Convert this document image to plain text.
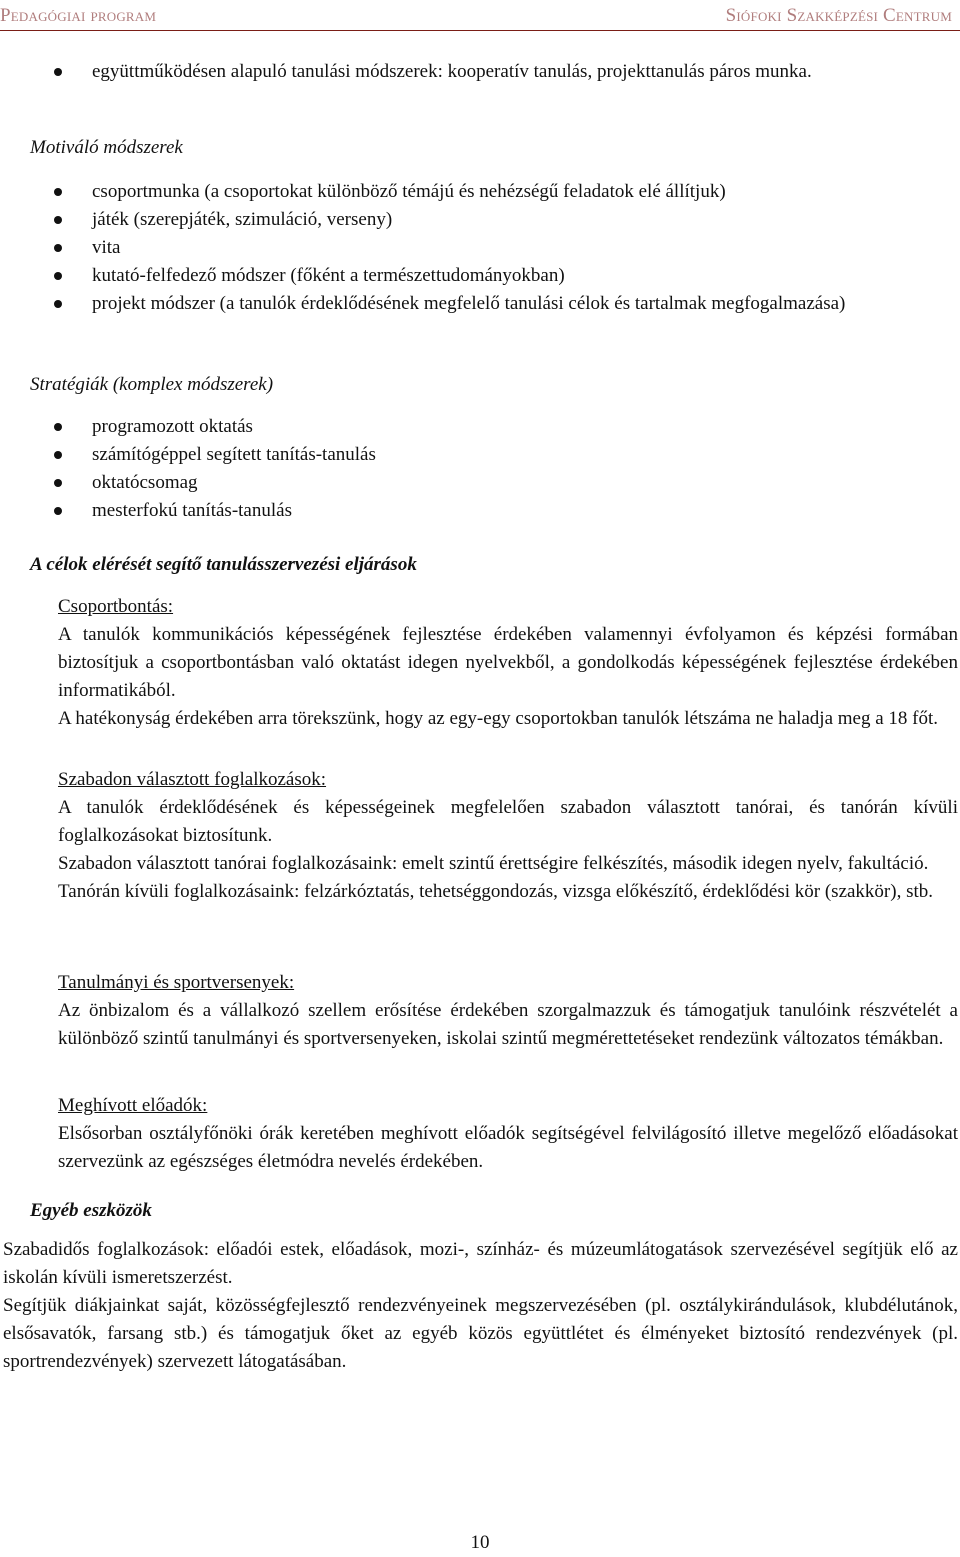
Pedagógiai program	Siófoki Szakképzési Centrum
együttműködésen alapuló tanulási módszerek: kooperatív tanulás, projekttanulás páros munka.
Motiváló módszerek
csoportmunka (a csoportokat különböző témájú és nehézségű feladatok elé állítjuk)
játék (szerepjáték, szimuláció, verseny)
vita
kutató-felfedező módszer (főként a természettudományokban)
projekt módszer (a tanulók érdeklődésének megfelelő tanulási célok és tartalmak megfogalmazása)
Stratégiák (komplex módszerek)
programozott oktatás
számítógéppel segített tanítás-tanulás
oktatócsomag
mesterfokú tanítás-tanulás
A célok elérését segítő tanulásszervezési eljárások

Csoportbontás:

A tanulók kommunikációs képességének fejlesztése érdekében valamennyi évfolyamon és képzési formában biztosítjuk a csoportbontásban való oktatást idegen nyelvekből, a gondolkodás képességének fejlesztése érdekében informatikából.

A hatékonyság érdekében arra törekszünk, hogy az egy-egy csoportokban tanulók létszáma ne haladja meg a 18 főt.

Szabadon választott foglalkozások:

A tanulók érdeklődésének és képességeinek megfelelően szabadon választott tanórai, és tanórán kívüli foglalkozásokat biztosítunk.

Szabadon választott tanórai foglalkozásaink: emelt szintű érettségire felkészítés, második idegen nyelv, fakultáció.

Tanórán kívüli foglalkozásaink: felzárkóztatás, tehetséggondozás, vizsga előkészítő, érdeklődési kör (szakkör), stb.

Tanulmányi és sportversenyek:

Az önbizalom és a vállalkozó szellem erősítése érdekében szorgalmazzuk és támogatjuk tanulóink részvételét a különböző szintű tanulmányi és sportversenyeken, iskolai szintű megmérettetéseket rendezünk változatos témákban.

Meghívott előadók:

Elsősorban osztályfőnöki órák keretében meghívott előadók segítségével felvilágosító illetve megelőző előadásokat szervezünk az egészséges életmódra nevelés érdekében.

Egyéb eszközök
Szabadidős foglalkozások: előadói estek, előadások, mozi-, színház- és múzeumlátogatások szervezésével segítjük elő az iskolán kívüli ismeretszerzést.
Segítjük diákjainkat saját, közösségfejlesztő rendezvényeinek megszervezésében (pl. osztálykirándulások, klubdélutánok, elsősavatók, farsang stb.) és támogatjuk őket az egyéb közös együttlétet és élményeket biztosító rendezvények (pl. sportrendezvények) szervezett látogatásában.
10
